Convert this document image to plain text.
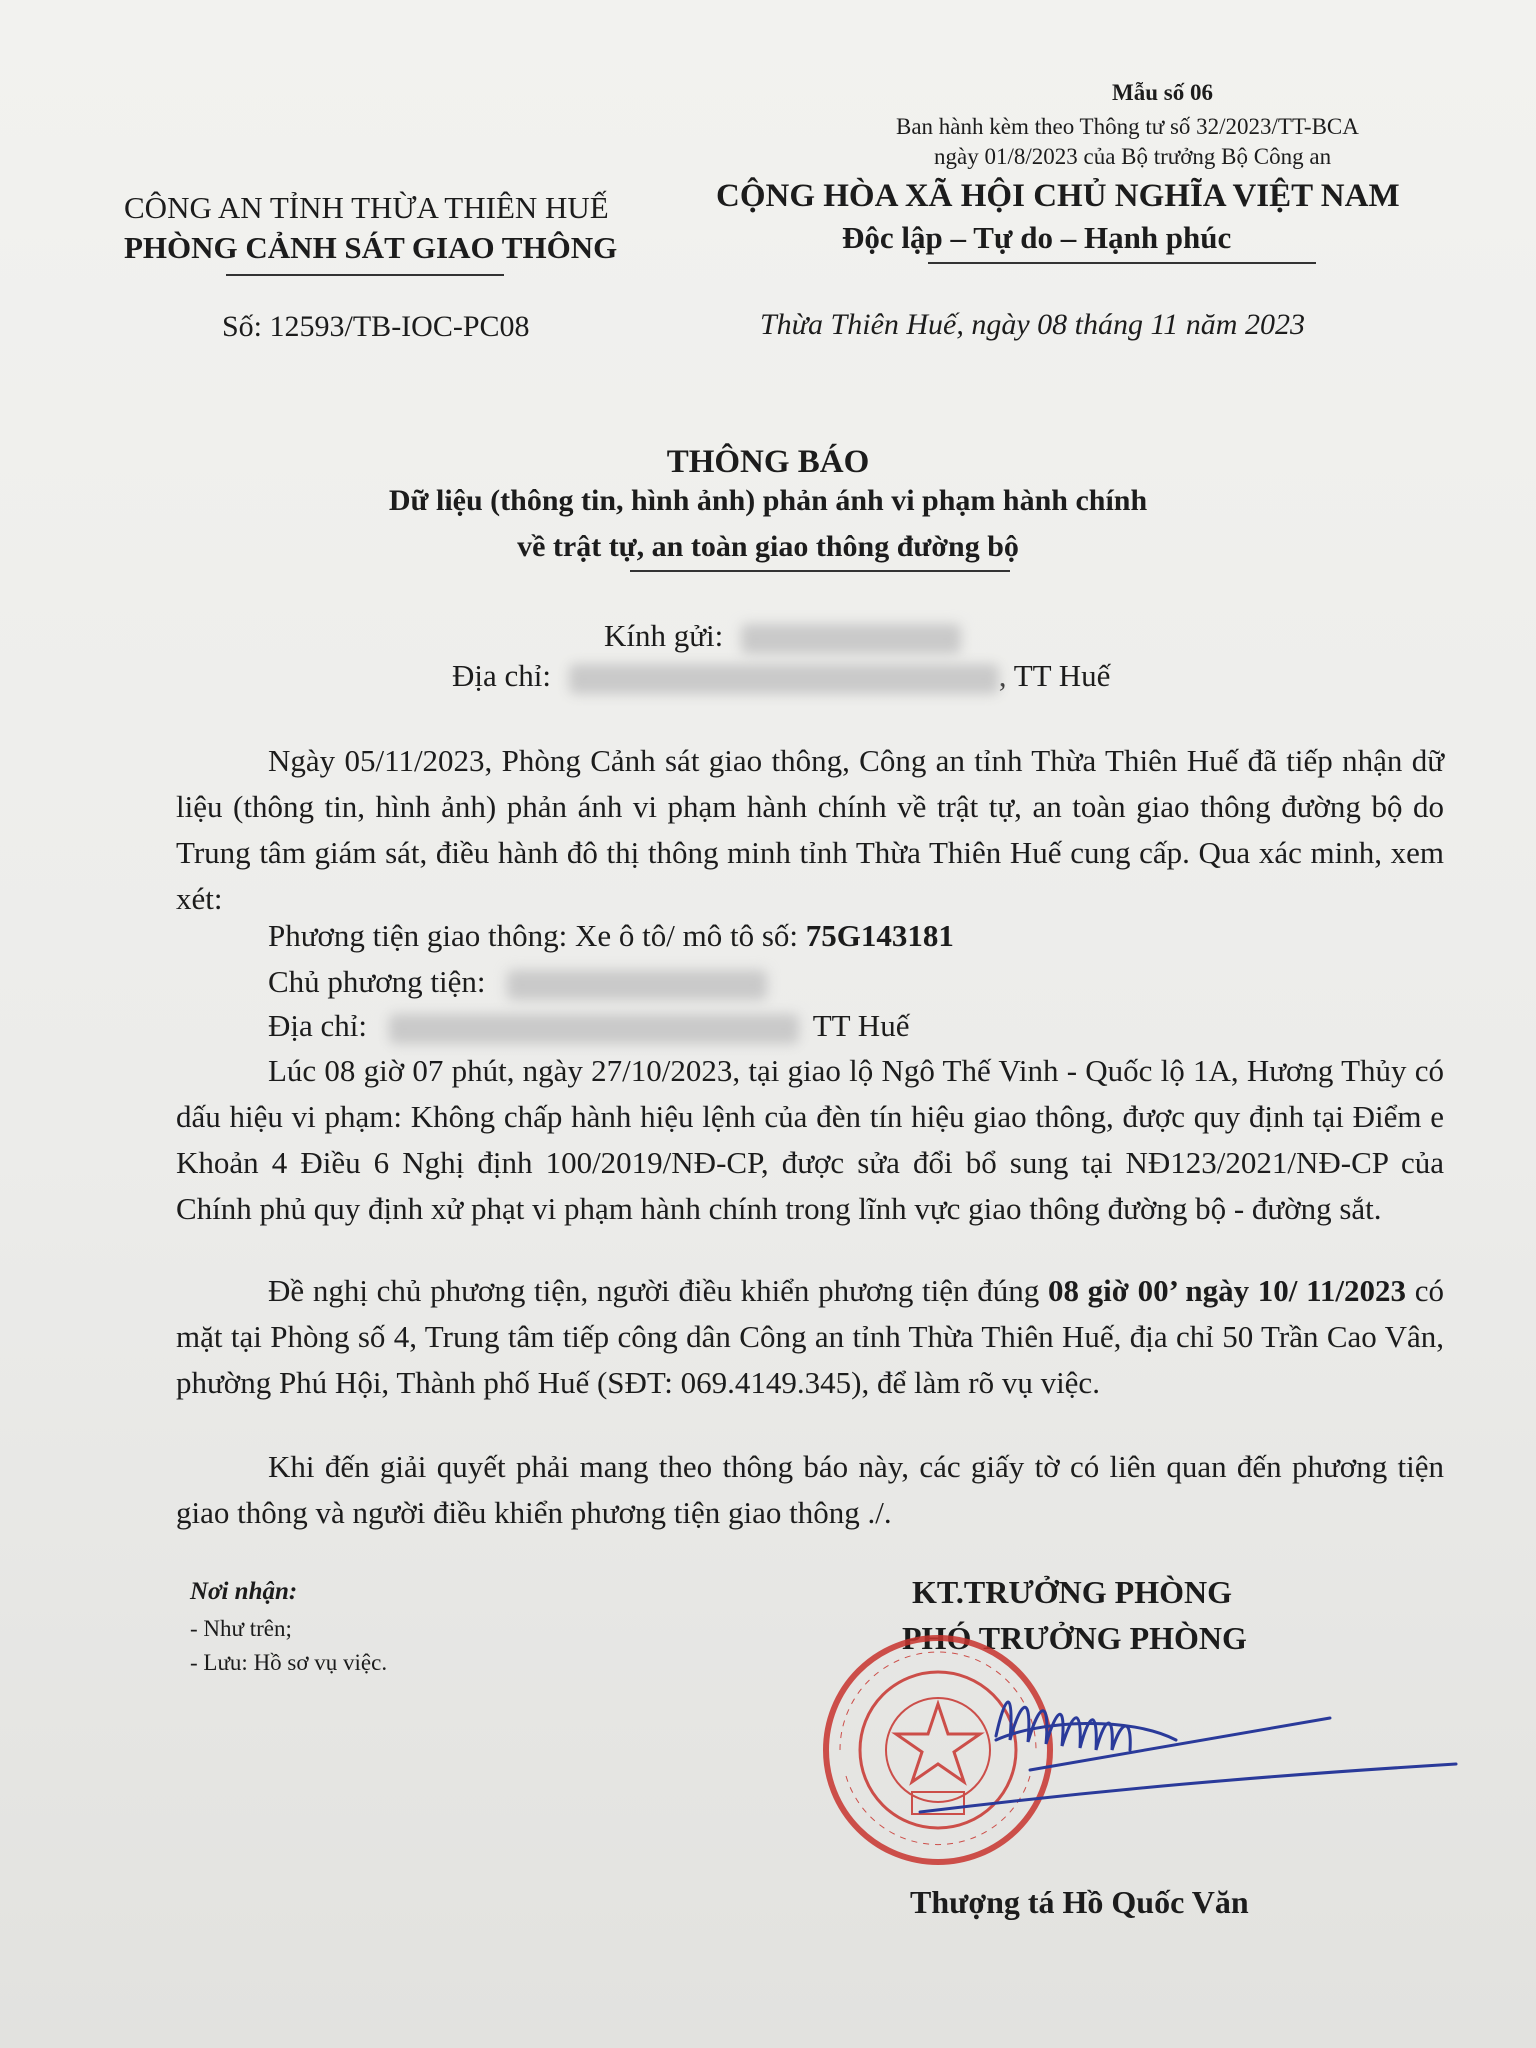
Mẫu số 06
Ban hành kèm theo Thông tư số 32/2023/TT-BCA
ngày 01/8/2023 của Bộ trưởng Bộ Công an
CÔNG AN TỈNH THỪA THIÊN HUẾ
PHÒNG CẢNH SÁT GIAO THÔNG
Số: 12593/TB-IOC-PC08
CỘNG HÒA XÃ HỘI CHỦ NGHĨA VIỆT NAM
Độc lập – Tự do – Hạnh phúc
Thừa Thiên Huế, ngày 08 tháng 11 năm 2023
THÔNG BÁO
Dữ liệu (thông tin, hình ảnh) phản ánh vi phạm hành chính
về trật tự, an toàn giao thông đường bộ
Kính gửi:
Địa chỉ:	, TT Huế
Ngày 05/11/2023, Phòng Cảnh sát giao thông, Công an tỉnh Thừa Thiên Huế đã tiếp nhận dữ liệu (thông tin, hình ảnh) phản ánh vi phạm hành chính về trật tự, an toàn giao thông đường bộ do Trung tâm giám sát, điều hành đô thị thông minh tỉnh Thừa Thiên Huế cung cấp. Qua xác minh, xem xét:
Phương tiện giao thông: Xe ô tô/ mô tô số: 75G143181
Chủ phương tiện:
Địa chỉ:	TT Huế
Lúc 08 giờ 07 phút, ngày 27/10/2023, tại giao lộ Ngô Thế Vinh - Quốc lộ 1A, Hương Thủy có dấu hiệu vi phạm: Không chấp hành hiệu lệnh của đèn tín hiệu giao thông, được quy định tại Điểm e Khoản 4 Điều 6 Nghị định 100/2019/NĐ-CP, được sửa đổi bổ sung tại NĐ123/2021/NĐ-CP của Chính phủ quy định xử phạt vi phạm hành chính trong lĩnh vực giao thông đường bộ - đường sắt.
Đề nghị chủ phương tiện, người điều khiển phương tiện đúng 08 giờ 00’ ngày 10/ 11/2023 có mặt tại Phòng số 4, Trung tâm tiếp công dân Công an tỉnh Thừa Thiên Huế, địa chỉ 50 Trần Cao Vân, phường Phú Hội, Thành phố Huế (SĐT: 069.4149.345), để làm rõ vụ việc.
Khi đến giải quyết phải mang theo thông báo này, các giấy tờ có liên quan đến phương tiện giao thông và người điều khiển phương tiện giao thông ./.
Nơi nhận:
- Như trên;
- Lưu: Hồ sơ vụ việc.
KT.TRƯỞNG PHÒNG
PHÓ TRƯỞNG PHÒNG
Thượng tá Hồ Quốc Văn
